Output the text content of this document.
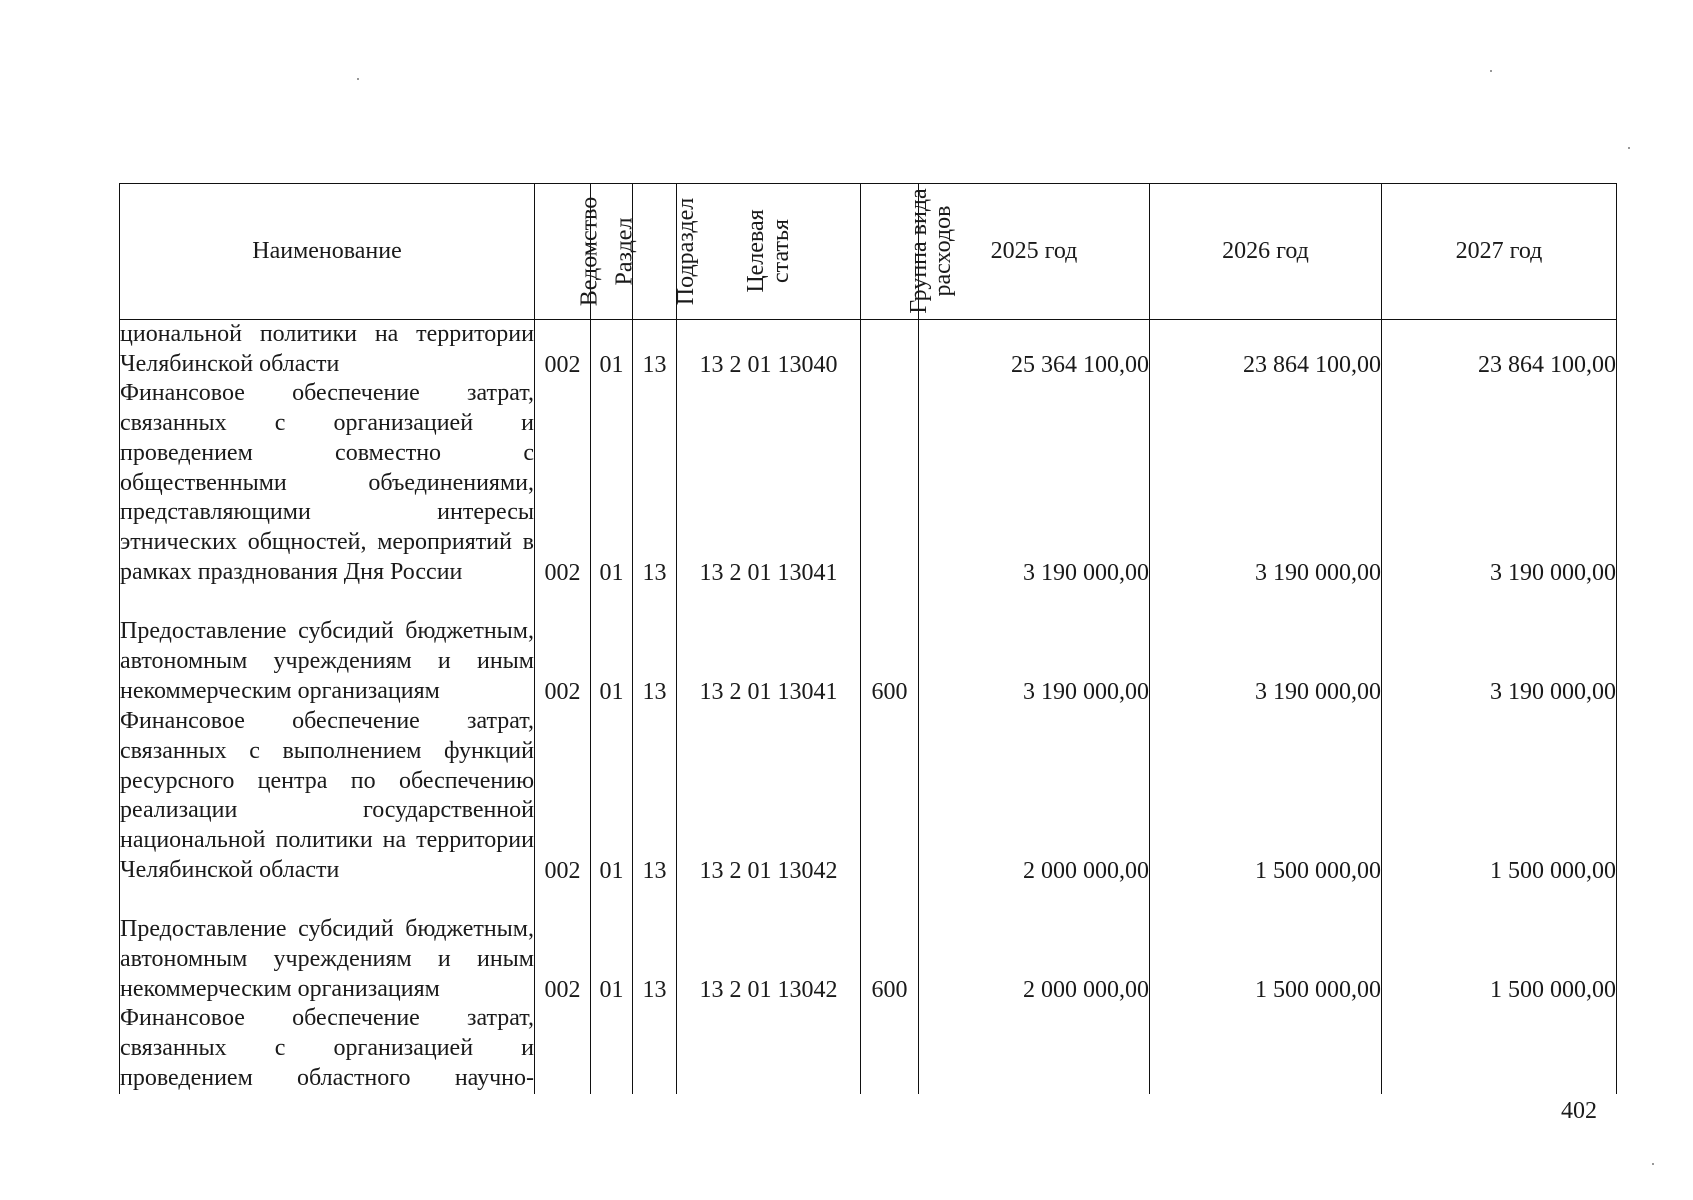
Наименование	Ведомство	Раздел	Подраздел	Целевая статья	Группа вида расходов	2025 год	2026 год	2027 год
циональной политики на территории Челябинской области	002	01	13	13 2 01 13040		25 364 100,00	23 864 100,00	23 864 100,00
Финансовое обеспечение затрат, связанных с организацией и проведением совместно с общественными объединениями, представляющими интересы этнических общностей, мероприятий в рамках празднования Дня России	002	01	13	13 2 01 13041		3 190 000,00	3 190 000,00	3 190 000,00
Предоставление субсидий бюджетным, автономным учреждениям и иным некоммерческим организациям	002	01	13	13 2 01 13041	600	3 190 000,00	3 190 000,00	3 190 000,00
Финансовое обеспечение затрат, связанных с выполнением функций ресурсного центра по обеспечению реализации государственной национальной политики на территории Челябинской области	002	01	13	13 2 01 13042		2 000 000,00	1 500 000,00	1 500 000,00
Предоставление субсидий бюджетным, автономным учреждениям и иным некоммерческим организациям	002	01	13	13 2 01 13042	600	2 000 000,00	1 500 000,00	1 500 000,00
Финансовое обеспечение затрат, связанных с организацией и проведением областного научно-								
402
